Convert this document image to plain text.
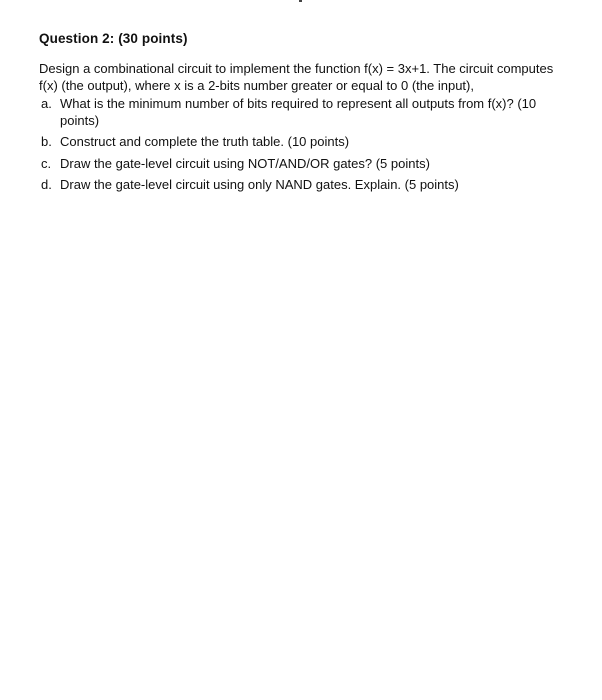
Question 2: (30 points)

Design a combinational circuit to implement the function f(x) = 3x+1. The circuit computes f(x) (the output), where x is a 2-bits number greater or equal to 0 (the input),

a. What is the minimum number of bits required to represent all outputs from f(x)? (10 points)
b. Construct and complete the truth table. (10 points)
c. Draw the gate-level circuit using NOT/AND/OR gates? (5 points)
d. Draw the gate-level circuit using only NAND gates. Explain. (5 points)
